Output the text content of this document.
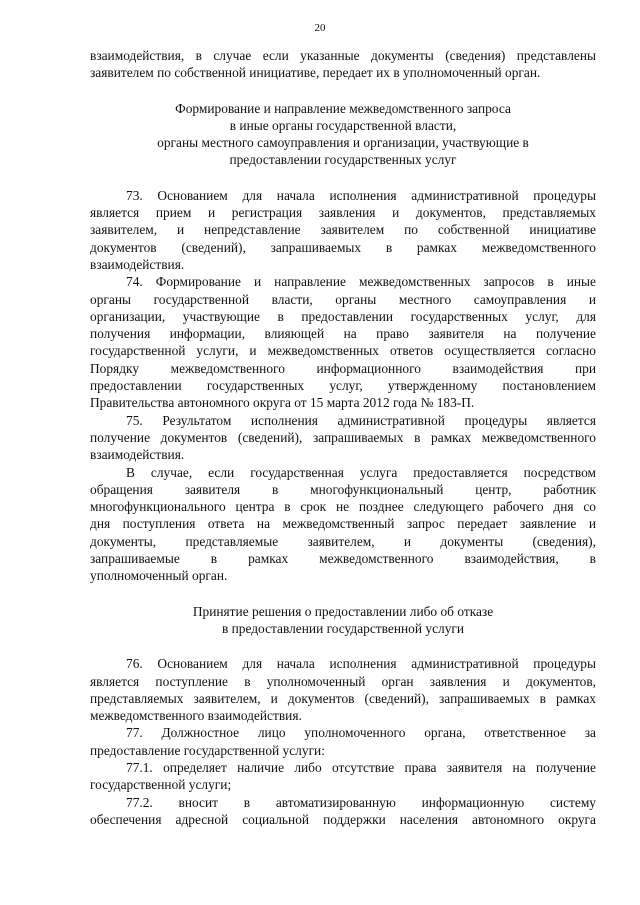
20

взаимодействия, в случае если указанные документы (сведения) представлены
заявителем по собственной инициативе, передает их в уполномоченный орган.

Формирование и направление межведомственного запроса
в иные органы государственной власти,
органы местного самоуправления и организации, участвующие в
предоставлении государственных услуг

73. Основанием для начала исполнения административной процедуры
является прием и регистрация заявления и документов, представляемых
заявителем, и непредставление заявителем по собственной инициативе
документов (сведений), запрашиваемых в рамках межведомственного
взаимодействия.

74. Формирование и направление межведомственных запросов в иные
органы государственной власти, органы местного самоуправления и
организации, участвующие в предоставлении государственных услуг, для
получения информации, влияющей на право заявителя на получение
государственной услуги, и межведомственных ответов осуществляется согласно
Порядку межведомственного информационного взаимодействия при
предоставлении государственных услуг, утвержденному постановлением
Правительства автономного округа от 15 марта 2012 года № 183-П.

75. Результатом исполнения административной процедуры является
получение документов (сведений), запрашиваемых в рамках межведомственного
взаимодействия.

В случае, если государственная услуга предоставляется посредством
обращения заявителя в многофункциональный центр, работник
многофункционального центра в срок не позднее следующего рабочего дня со
дня поступления ответа на межведомственный запрос передает заявление и
документы, представляемые заявителем, и документы (сведения),
запрашиваемые в рамках межведомственного взаимодействия, в
уполномоченный орган.

Принятие решения о предоставлении либо об отказе
в предоставлении государственной услуги

76. Основанием для начала исполнения административной процедуры
является поступление в уполномоченный орган заявления и документов,
представляемых заявителем, и документов (сведений), запрашиваемых в рамках
межведомственного взаимодействия.

77. Должностное лицо уполномоченного органа, ответственное за
предоставление государственной услуги:

77.1. определяет наличие либо отсутствие права заявителя на получение
государственной услуги;

77.2. вносит в автоматизированную информационную систему
обеспечения адресной социальной поддержки населения автономного округа
